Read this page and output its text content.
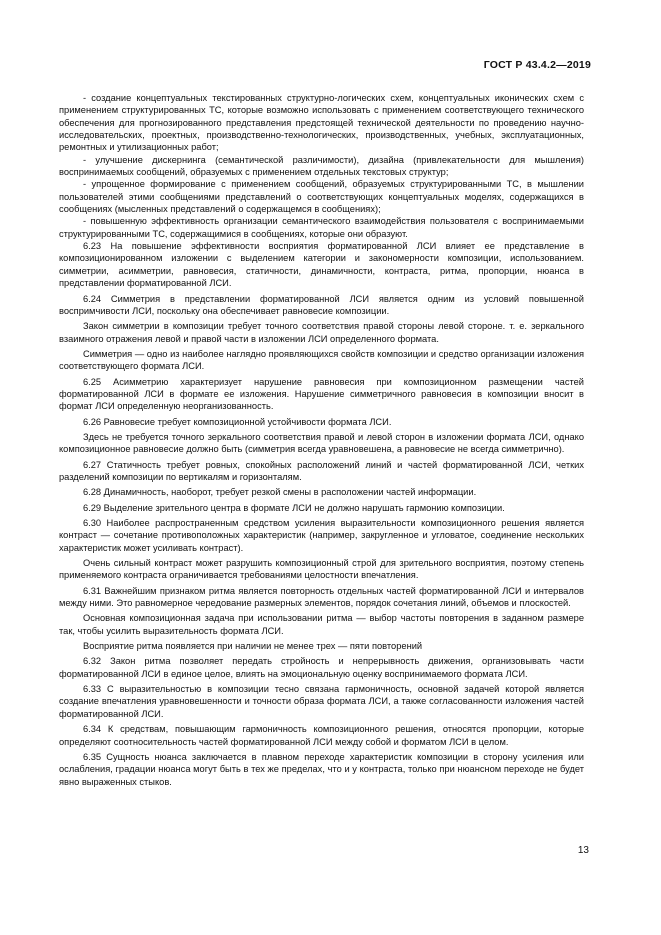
ГОСТ Р 43.4.2—2019

- создание концептуальных текстированных структурно-логических схем, концептуальных иконических схем с применением структурированных ТС, которые возможно использовать с применением соответствующего технического обеспечения для прогнозированного представления предстоящей технической деятельности по проведению научно-исследовательских, проектных, производственно-технологических, производственных, учебных, эксплуатационных, ремонтных и утилизационных работ;

- улучшение дискернинга (семантической различимости), дизайна (привлекательности для мышления) воспринимаемых сообщений, образуемых с применением отдельных текстовых структур;

- упрощенное формирование с применением сообщений, образуемых структурированными ТС, в мышлении пользователей этими сообщениями представлений о соответствующих концептуальных моделях, содержащихся в сообщениях (мысленных представлений о содержащемся в сообщениях);

- повышенную эффективность организации семантического взаимодействия пользователя с воспринимаемыми структурированными ТС, содержащимися в сообщениях, которые они образуют.

6.23 На повышение эффективности восприятия форматированной ЛСИ влияет ее представление в композиционированном изложении с выделением категории и закономерности композиции, использованием. симметрии, асимметрии, равновесия, статичности, динамичности, контраста, ритма, пропорции, нюанса в представлении форматированной ЛСИ.

6.24 Симметрия в представлении форматированной ЛСИ является одним из условий повышенной воспримчивости ЛСИ, поскольку она обеспечивает равновесие композиции.

Закон симметрии в композиции требует точного соответствия правой стороны левой стороне. т. е. зеркального взаимного отражения левой и правой части в изложении ЛСИ определенного формата.

Симметрия — одно из наиболее наглядно проявляющихся свойств композиции и средство организации изложения соответствующего формата ЛСИ.

6.25 Асимметрию характеризует нарушение равновесия при композиционном размещении частей форматированной ЛСИ в формате ее изложения. Нарушение симметричного равновесия в композиции вносит в формат ЛСИ определенную неорганизованность.

6.26 Равновесие требует композиционной устойчивости формата ЛСИ.

Здесь не требуется точного зеркального соответствия правой и левой сторон в изложении формата ЛСИ, однако композиционное равновесие должно быть (симметрия всегда уравновешена, а равновесие не всегда симметрично).

6.27 Статичность требует ровных, спокойных расположений линий и частей форматированной ЛСИ, четких разделений композиции по вертикалям и горизонталям.

6.28 Динамичность, наоборот, требует резкой смены в расположении частей информации.

6.29 Выделение зрительного центра в формате ЛСИ не должно нарушать гармонию композиции.

6.30 Наиболее распространенным средством усиления выразительности композиционного решения является контраст — сочетание противоположных характеристик (например, закругленное и угловатое, соединение нескольких характеристик может усиливать контраст).

Очень сильный контраст может разрушить композиционный строй для зрительного восприятия, поэтому степень применяемого контраста ограничивается требованиями целостности впечатления.

6.31 Важнейшим признаком ритма является повторность отдельных частей форматированной ЛСИ и интервалов между ними. Это равномерное чередование размерных элементов, порядок сочетания линий, объемов и плоскостей.

Основная композиционная задача при использовании ритма — выбор частоты повторения в заданном размере так, чтобы усилить выразительность формата ЛСИ.

Восприятие ритма появляется при наличии не менее трех — пяти повторений

6.32 Закон ритма позволяет передать стройность и непрерывность движения, организовывать части форматированной ЛСИ в единое целое, влиять на эмоциональную оценку воспринимаемого формата ЛСИ.

6.33 С выразительностью в композиции тесно связана гармоничность, основной задачей которой является создание впечатления уравновешенности и точности образа формата ЛСИ, а также согласованности изложения частей форматированной ЛСИ.

6.34 К средствам, повышающим гармоничность композиционного решения, относятся пропорции, которые определяют соотносительность частей форматированной ЛСИ между собой и форматом ЛСИ в целом.

6.35 Сущность нюанса заключается в плавном переходе характеристик композиции в сторону усиления или ослабления, градации нюанса могут быть в тех же пределах, что и у контраста, только при нюансном переходе не будет явно выраженных стыков.

13
